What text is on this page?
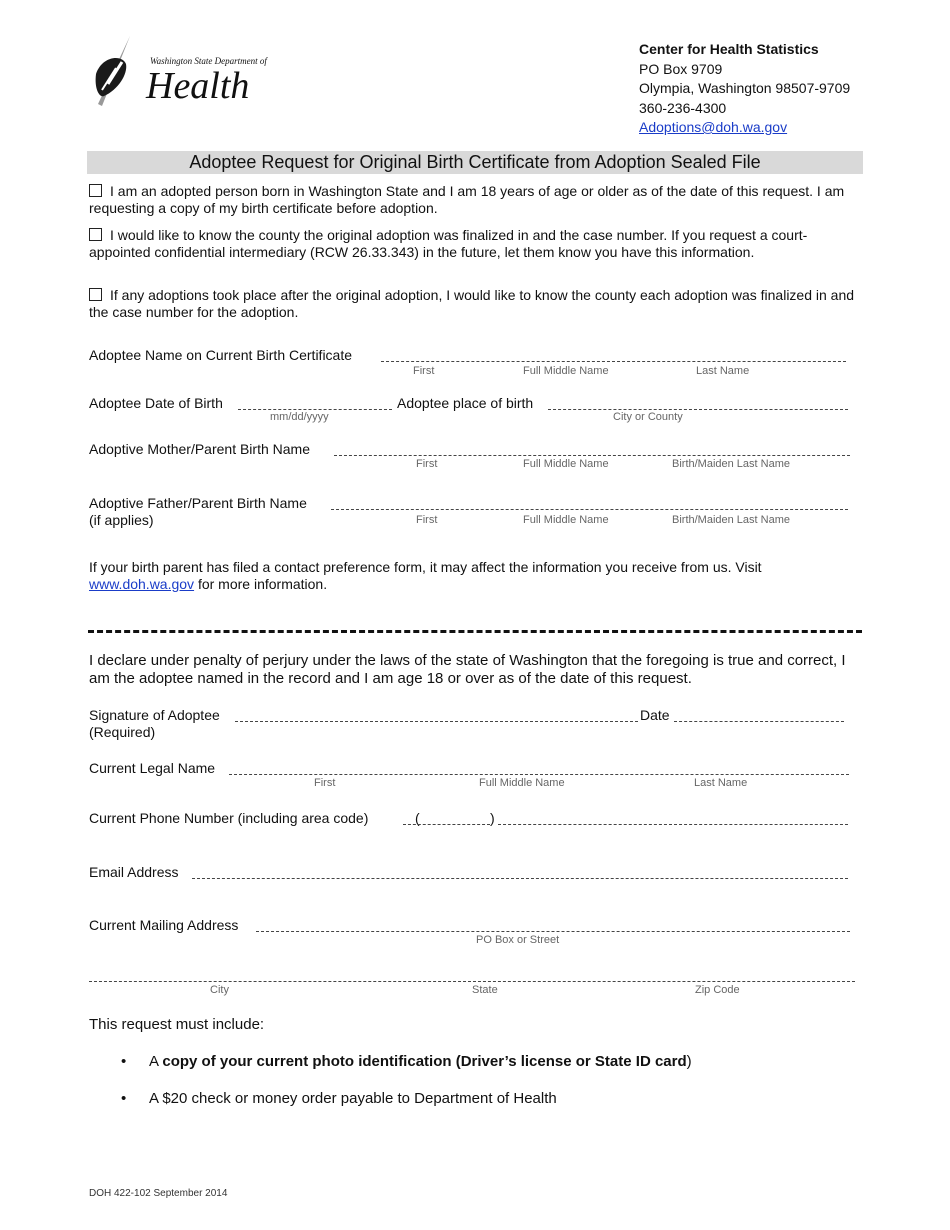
Washington State Department of
Health
Center for Health Statistics
PO Box 9709
Olympia, Washington 98507-9709
360-236-4300
Adoptions@doh.wa.gov
Adoptee Request for Original Birth Certificate from Adoption Sealed File
I am an adopted person born in Washington State and I am 18 years of age or older as of the date of this request. I am requesting a copy of my birth certificate before adoption.
I would like to know the county the original adoption was finalized in and the case number. If you request a court-appointed confidential intermediary (RCW 26.33.343) in the future, let them know you have this information.
If any adoptions took place after the original adoption, I would like to know the county each adoption was finalized in and the case number for the adoption.
Adoptee Name on Current Birth Certificate
First	Full Middle Name	Last Name
Adoptee Date of Birth
mm/dd/yyyy
Adoptee place of birth
City or County
Adoptive Mother/Parent Birth Name
First	Full Middle Name	Birth/Maiden Last Name
Adoptive Father/Parent Birth Name
(if applies)	First	Full Middle Name	Birth/Maiden Last Name
If your birth parent has filed a contact preference form, it may affect the information you receive from us. Visit www.doh.wa.gov for more information.
I declare under penalty of perjury under the laws of the state of Washington that the foregoing is true and correct, I am the adoptee named in the record and I am age 18 or over as of the date of this request.
Signature of Adoptee
(Required)
Date
Current Legal Name
First	Full Middle Name	Last Name
Current Phone Number (including area code)	(	)
Email Address
Current Mailing Address
PO Box or Street
City	State	Zip Code
This request must include:
• A copy of your current photo identification (Driver’s license or State ID card)
• A $20 check or money order payable to Department of Health
DOH 422-102 September 2014
